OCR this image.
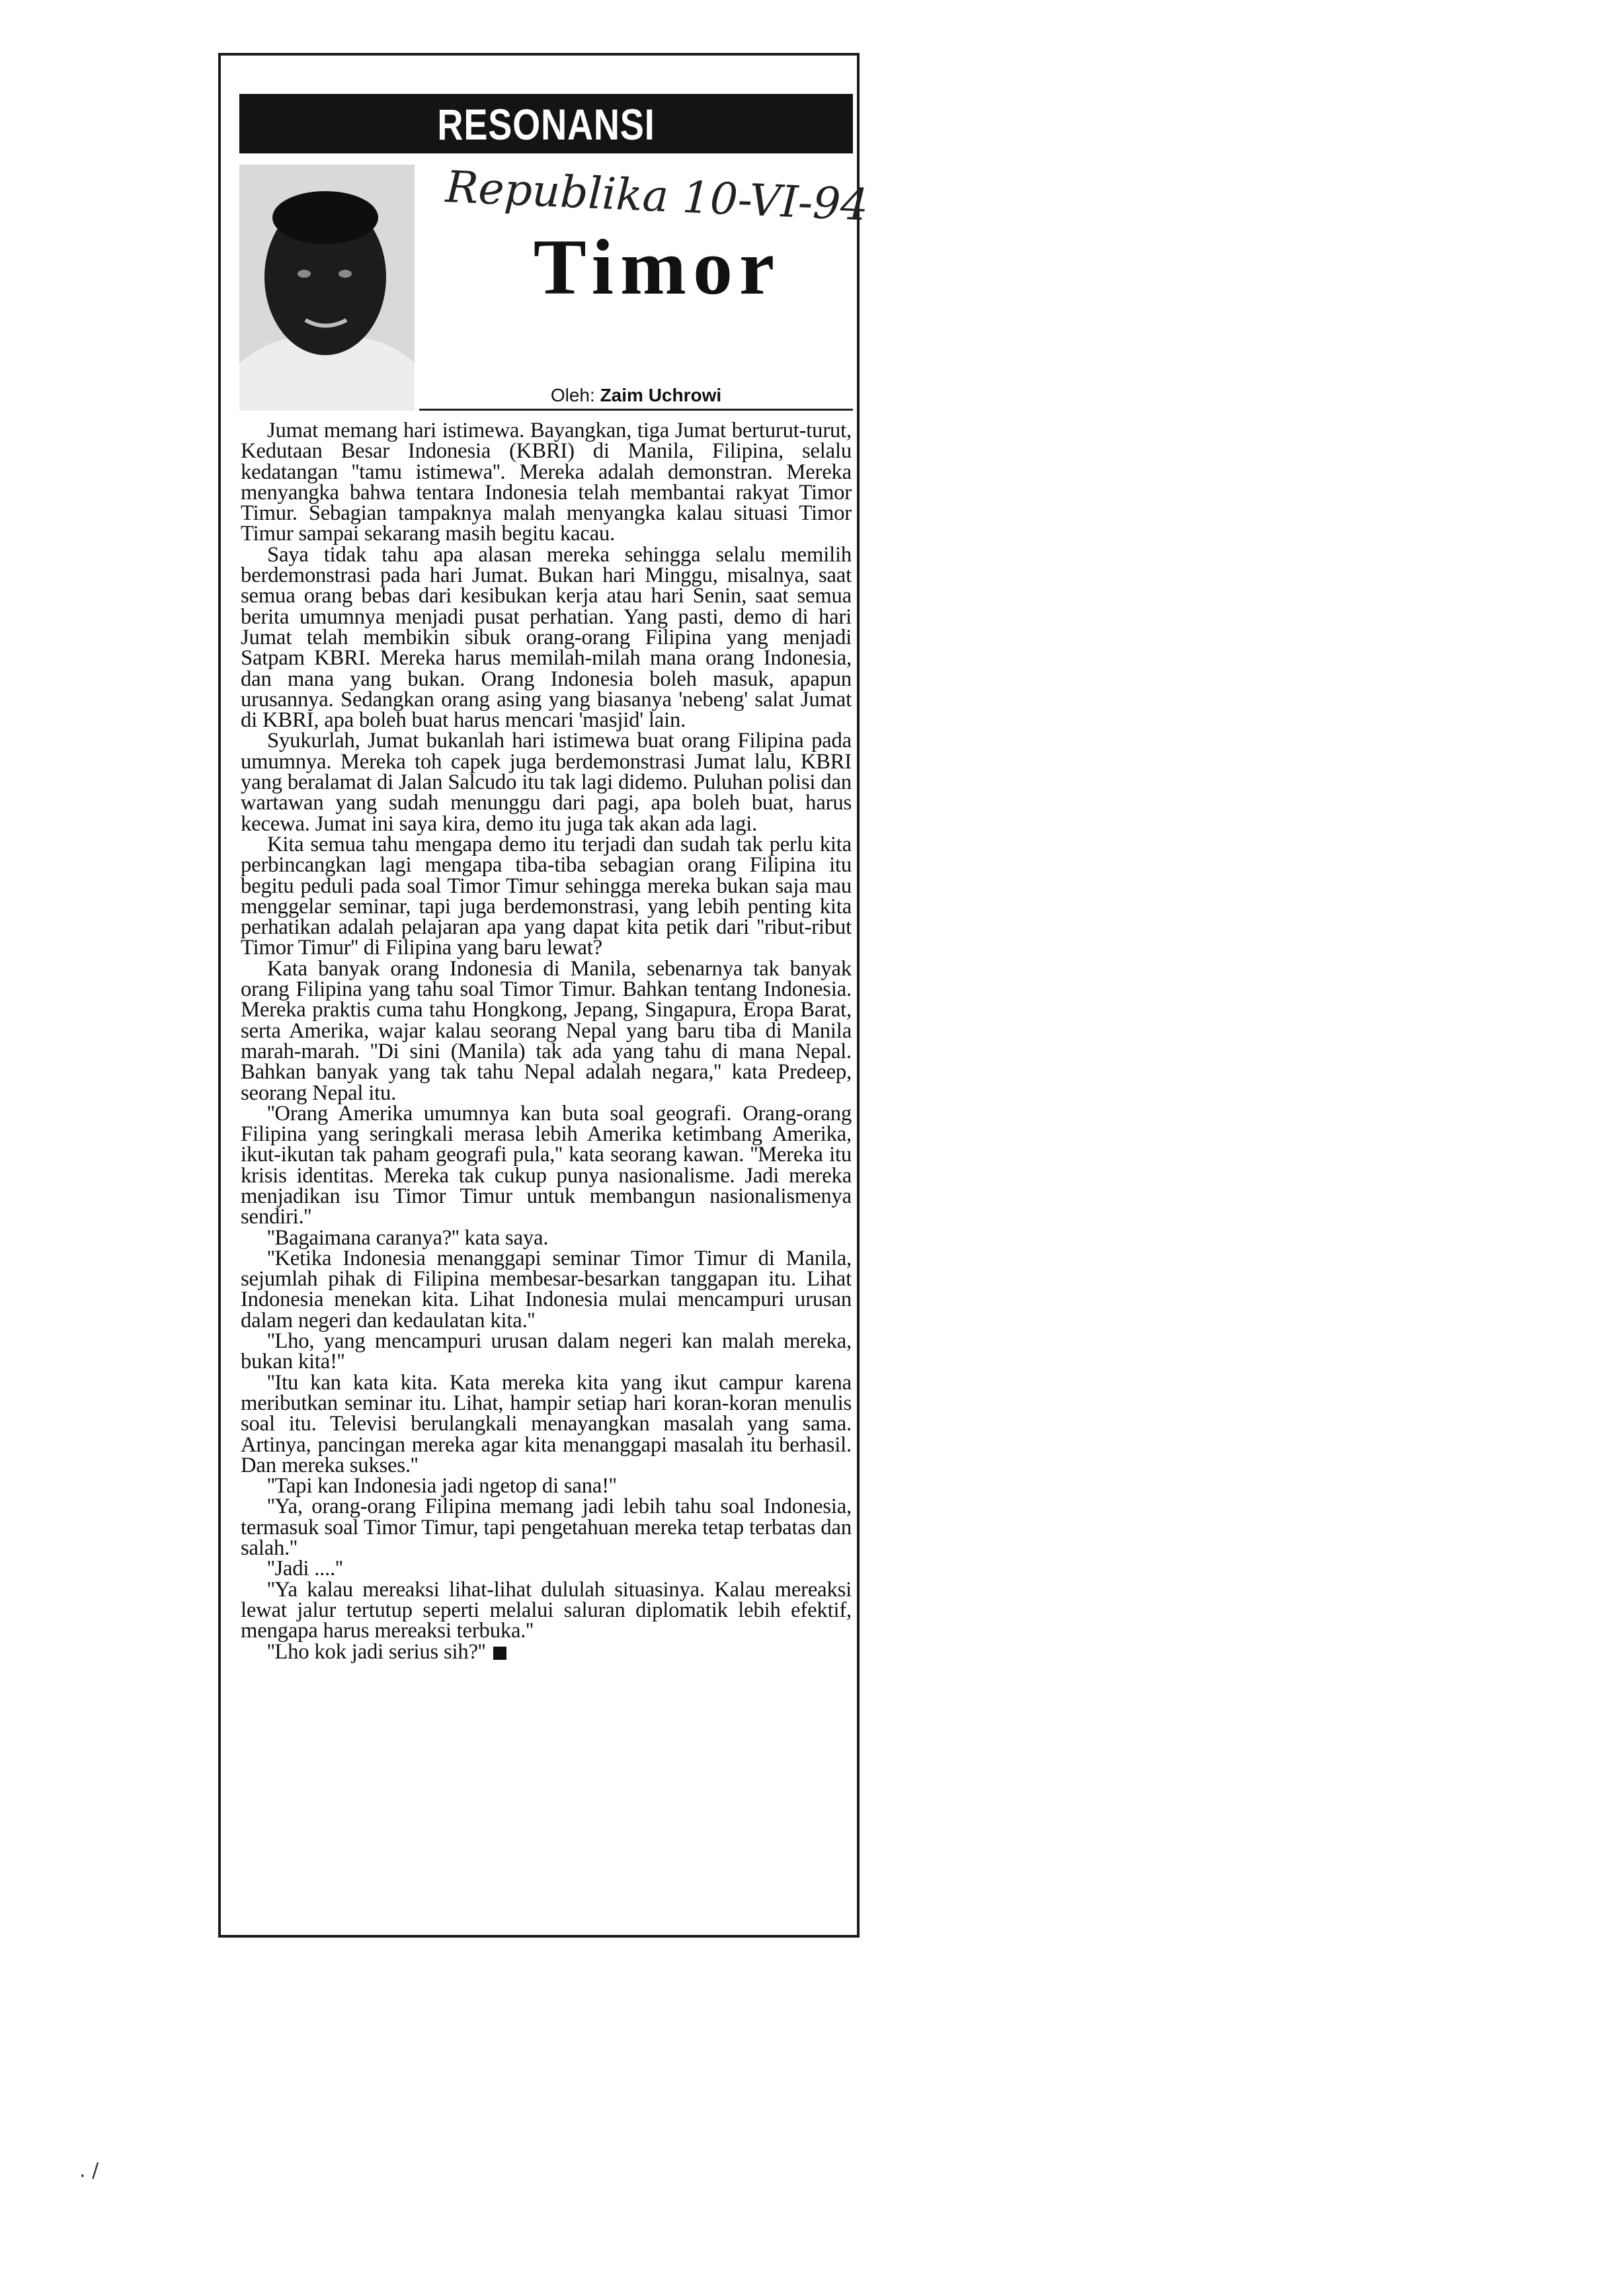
RESONANSI
Republika 10-VI-94
Timor
Oleh: Zaim Uchrowi

Jumat memang hari istimewa. Bayangkan, tiga Jumat berturut-turut, Kedutaan Besar Indonesia (KBRI) di Manila, Filipina, selalu kedatangan ''tamu istimewa''. Mereka adalah demonstran. Mereka menyangka bahwa tentara Indonesia telah membantai rakyat Timor Timur. Sebagian tampaknya malah menyangka kalau situasi Timor Timur sampai sekarang masih begitu kacau.

Saya tidak tahu apa alasan mereka sehingga selalu memilih berdemonstrasi pada hari Jumat. Bukan hari Minggu, misalnya, saat semua orang bebas dari kesibukan kerja atau hari Senin, saat semua berita umumnya menjadi pusat perhatian. Yang pasti, demo di hari Jumat telah membikin sibuk orang-orang Filipina yang menjadi Satpam KBRI. Mereka harus memilah-milah mana orang Indonesia, dan mana yang bukan. Orang Indonesia boleh masuk, apapun urusannya. Sedangkan orang asing yang biasanya 'nebeng' salat Jumat di KBRI, apa boleh buat harus mencari 'masjid' lain.

Syukurlah, Jumat bukanlah hari istimewa buat orang Filipina pada umumnya. Mereka toh capek juga berdemonstrasi Jumat lalu, KBRI yang beralamat di Jalan Salcudo itu tak lagi didemo. Puluhan polisi dan wartawan yang sudah menunggu dari pagi, apa boleh buat, harus kecewa. Jumat ini saya kira, demo itu juga tak akan ada lagi.

Kita semua tahu mengapa demo itu terjadi dan sudah tak perlu kita perbincangkan lagi mengapa tiba-tiba sebagian orang Filipina itu begitu peduli pada soal Timor Timur sehingga mereka bukan saja mau menggelar seminar, tapi juga berdemonstrasi, yang lebih penting kita perhatikan adalah pelajaran apa yang dapat kita petik dari ''ribut-ribut Timor Timur'' di Filipina yang baru lewat?

Kata banyak orang Indonesia di Manila, sebenarnya tak banyak orang Filipina yang tahu soal Timor Timur. Bahkan tentang Indonesia. Mereka praktis cuma tahu Hongkong, Jepang, Singapura, Eropa Barat, serta Amerika, wajar kalau seorang Nepal yang baru tiba di Manila marah-marah. ''Di sini (Manila) tak ada yang tahu di mana Nepal. Bahkan banyak yang tak tahu Nepal adalah negara,'' kata Predeep, seorang Nepal itu.

''Orang Amerika umumnya kan buta soal geografi. Orang-orang Filipina yang seringkali merasa lebih Amerika ketimbang Amerika, ikut-ikutan tak paham geografi pula,'' kata seorang kawan. ''Mereka itu krisis identitas. Mereka tak cukup punya nasionalisme. Jadi mereka menjadikan isu Timor Timur untuk membangun nasionalismenya sendiri.''

''Bagaimana caranya?'' kata saya.

''Ketika Indonesia menanggapi seminar Timor Timur di Manila, sejumlah pihak di Filipina membesar-besarkan tanggapan itu. Lihat Indonesia menekan kita. Lihat Indonesia mulai mencampuri urusan dalam negeri dan kedaulatan kita.''

''Lho, yang mencampuri urusan dalam negeri kan malah mereka, bukan kita!''

''Itu kan kata kita. Kata mereka kita yang ikut campur karena meributkan seminar itu. Lihat, hampir setiap hari koran-koran menulis soal itu. Televisi berulangkali menayangkan masalah yang sama. Artinya, pancingan mereka agar kita menanggapi masalah itu berhasil. Dan mereka sukses.''

''Tapi kan Indonesia jadi ngetop di sana!''

''Ya, orang-orang Filipina memang jadi lebih tahu soal Indonesia, termasuk soal Timor Timur, tapi pengetahuan mereka tetap terbatas dan salah.''

''Jadi ....''

''Ya kalau mereaksi lihat-lihat dululah situasinya. Kalau mereaksi lewat jalur tertutup seperti melalui saluran diplomatik lebih efektif, mengapa harus mereaksi terbuka.''

''Lho kok jadi serius sih?''

. /
